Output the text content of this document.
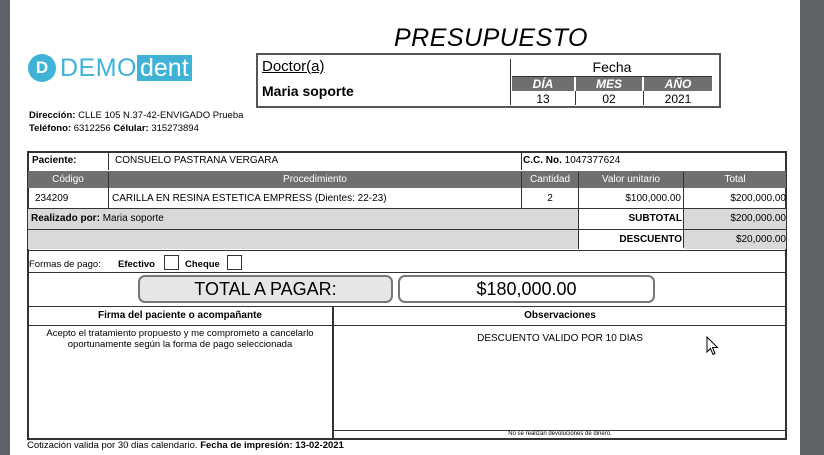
PRESUPUESTO
D DEMO dent	Doctor(a)
Maria soporte
Fecha
DÍA	MES	AÑO
13	02	2021
Dirección: CLLE 105 N.37-42-ENVIGADO Prueba
Teléfono: 6312256 Célular: 315273894
Paciente:	CONSUELO PASTRANA VERGARA	C.C. No. 1047377624
Código	Procedimiento	Cantidad	Valor unitario	Total
234209	CARILLA EN RESINA ESTETICA EMPRESS (Dientes: 22-23)	2	$100,000.00	$200,000.00
Realizado por: Maria soporte	SUBTOTAL	$200,000.00
DESCUENTO	$20,000.00
Formas de pago: Efectivo	Cheque
TOTAL A PAGAR:	$180,000.00
Firma del paciente o acompañante	Observaciones
Acepto el tratamiento propuesto y me comprometo a cancelarlo
oportunamente según la forma de pago seleccionada
DESCUENTO VALIDO POR 10 DIAS
No se realizan devoluciones de dinero.
Cotización valida por 30 dias calendario. Fecha de impresión: 13-02-2021
